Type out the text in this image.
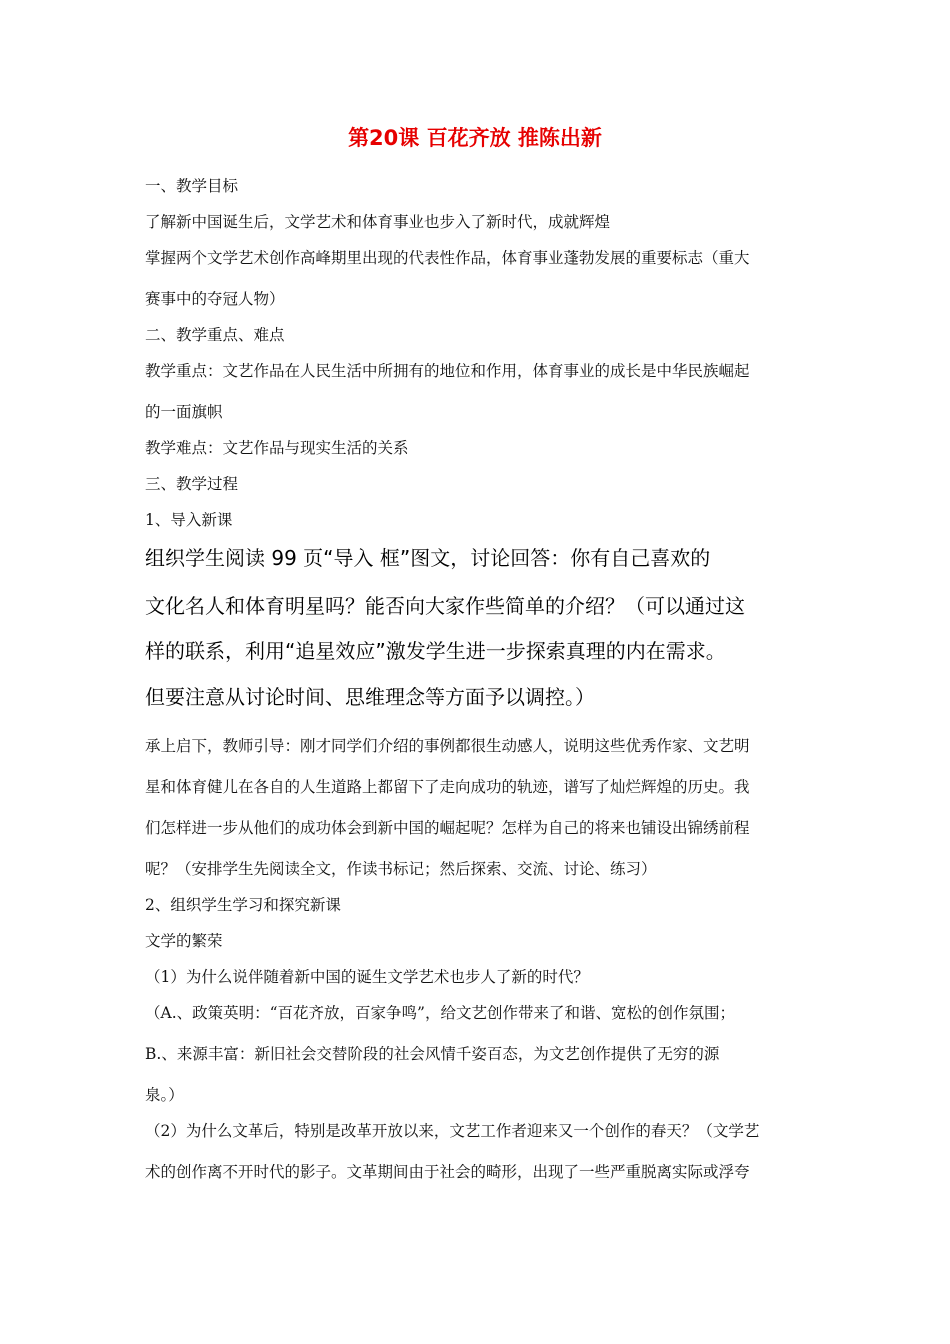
第20课 百花齐放 推陈出新
一、教学目标
了解新中国诞生后，文学艺术和体育事业也步入了新时代，成就辉煌
掌握两个文学艺术创作高峰期里出现的代表性作品，体育事业蓬勃发展的重要标志（重大
赛事中的夺冠人物）
二、教学重点、难点
教学重点：文艺作品在人民生活中所拥有的地位和作用，体育事业的成长是中华民族崛起
的一面旗帜
教学难点：文艺作品与现实生活的关系
三、教学过程
1、导入新课
组织学生阅读 99 页“导入 框”图文，讨论回答：你有自己喜欢的
文化名人和体育明星吗？能否向大家作些简单的介绍？（可以通过这
样的联系，利用“追星效应”激发学生进一步探索真理的内在需求。
但要注意从讨论时间、思维理念等方面予以调控。）
承上启下，教师引导：刚才同学们介绍的事例都很生动感人，说明这些优秀作家、文艺明
星和体育健儿在各自的人生道路上都留下了走向成功的轨迹，谱写了灿烂辉煌的历史。我
们怎样进一步从他们的成功体会到新中国的崛起呢？怎样为自己的将来也铺设出锦绣前程
呢？（安排学生先阅读全文，作读书标记；然后探索、交流、讨论、练习）
2、组织学生学习和探究新课
文学的繁荣
（1）为什么说伴随着新中国的诞生文学艺术也步人了新的时代？
（A.、政策英明：“百花齐放，百家争鸣”，给文艺创作带来了和谐、宽松的创作氛围；
B.、来源丰富：新旧社会交替阶段的社会风情千姿百态，为文艺创作提供了无穷的源
泉。）
（2）为什么文革后，特别是改革开放以来，文艺工作者迎来又一个创作的春天？（文学艺
术的创作离不开时代的影子。文革期间由于社会的畸形，出现了一些严重脱离实际或浮夸
